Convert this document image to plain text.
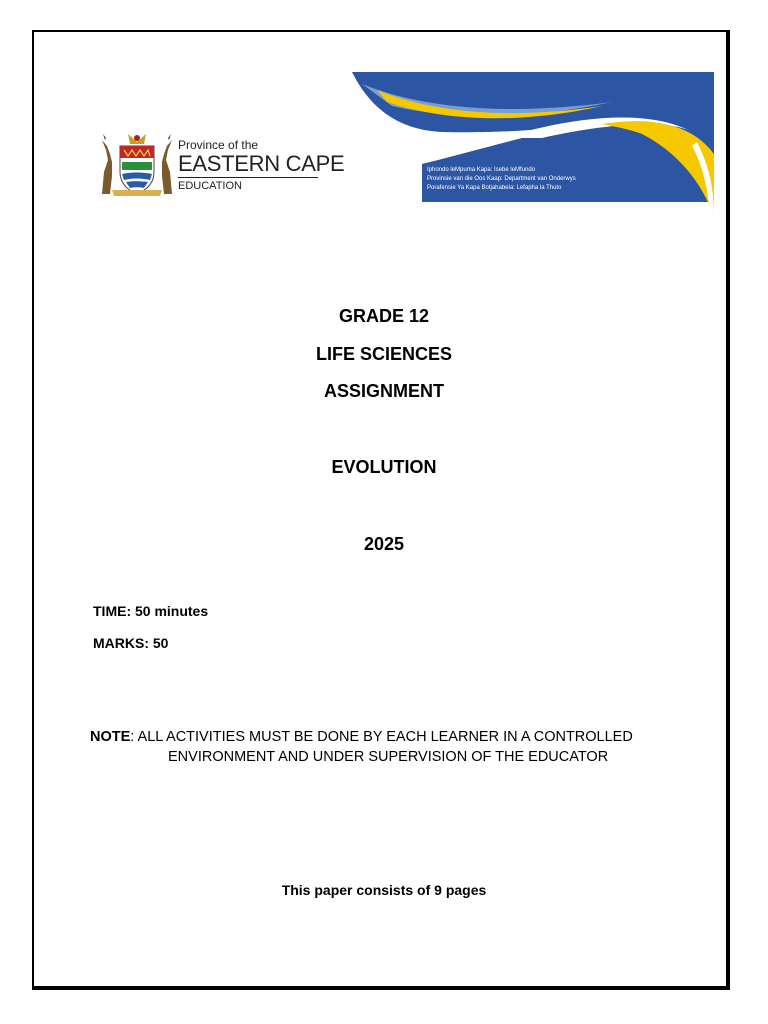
Iphondo leMpuma Kapa: Isebe leMfundo
Provinsie van die Oos Kaap: Department van Onderwys
Porafensie Ya Kapa Botjahabela: Lefapha la Thuto
Province of the
EASTERN CAPE
EDUCATION
GRADE 12
LIFE SCIENCES
ASSIGNMENT
EVOLUTION
2025
TIME: 50 minutes
MARKS: 50
NOTE: ALL ACTIVITIES MUST BE DONE BY EACH LEARNER IN A CONTROLLED
ENVIRONMENT AND UNDER SUPERVISION OF THE EDUCATOR
This paper consists of 9 pages
